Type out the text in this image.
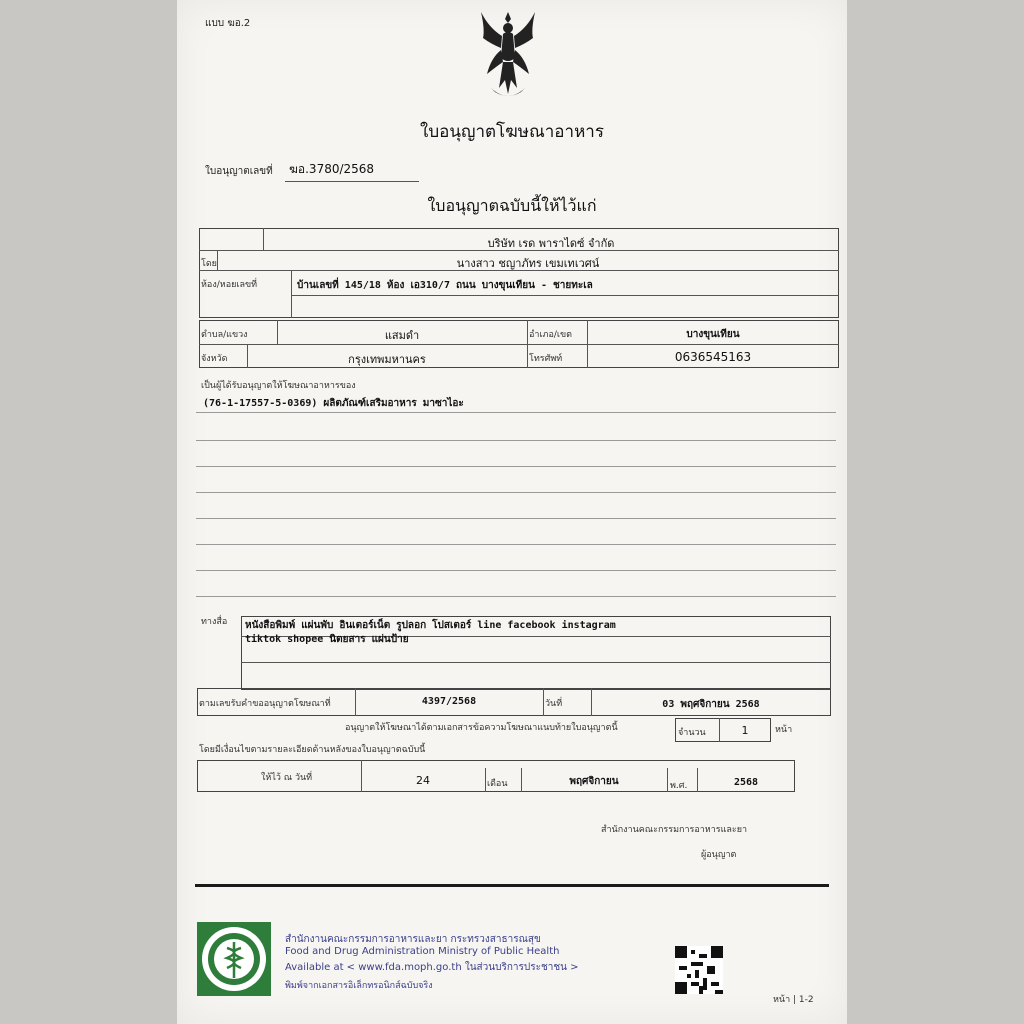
แบบ ฆอ.2
ใบอนุญาตโฆษณาอาหาร
ใบอนุญาตเลขที่ ฆอ.3780/2568
ใบอนุญาตฉบับนี้ให้ไว้แก่
บริษัท เรด พาราไดซ์ จำกัด
โดย	นางสาว ชญาภัทร เขมเทเวศน์
ห้อง/หอยเลขที่	บ้านเลขที่ 145/18 ห้อง เอ310/7 ถนน บางขุนเทียน - ชายทะเล
ตำบล/แขวง	แสมดำ	อำเภอ/เขต	บางขุนเทียน
จังหวัด	กรุงเทพมหานคร	โทรศัพท์	0636545163
เป็นผู้ได้รับอนุญาตให้โฆษณาอาหารของ
(76-1-17557-5-0369) ผลิตภัณฑ์เสริมอาหาร มาซาไอะ
ทางสื่อ หนังสือพิมพ์ แผ่นพับ อินเตอร์เน็ต รูปลอก โปสเตอร์ line facebook instagram
tiktok shopee นิตยสาร แผ่นป้าย
ตามเลขรับคำขออนุญาตโฆษณาที่	4397/2568	วันที่	03 พฤศจิกายน 2568
อนุญาตให้โฆษณาได้ตามเอกสารข้อความโฆษณาแนบท้ายใบอนุญาตนี้	จำนวน	1	หน้า
โดยมีเงื่อนไขตามรายละเอียดด้านหลังของใบอนุญาตฉบับนี้
ให้ไว้ ณ วันที่	24	เดือน	พฤศจิกายน	พ.ศ.	2568
สำนักงานคณะกรรมการอาหารและยา
ผู้อนุญาต
สำนักงานคณะกรรมการอาหารและยา กระทรวงสาธารณสุข
Food and Drug Administration Ministry of Public Health
Available at < www.fda.moph.go.th ในส่วนบริการประชาชน >
พิมพ์จากเอกสารอิเล็กทรอนิกส์ฉบับจริง
หน้า | 1-2
